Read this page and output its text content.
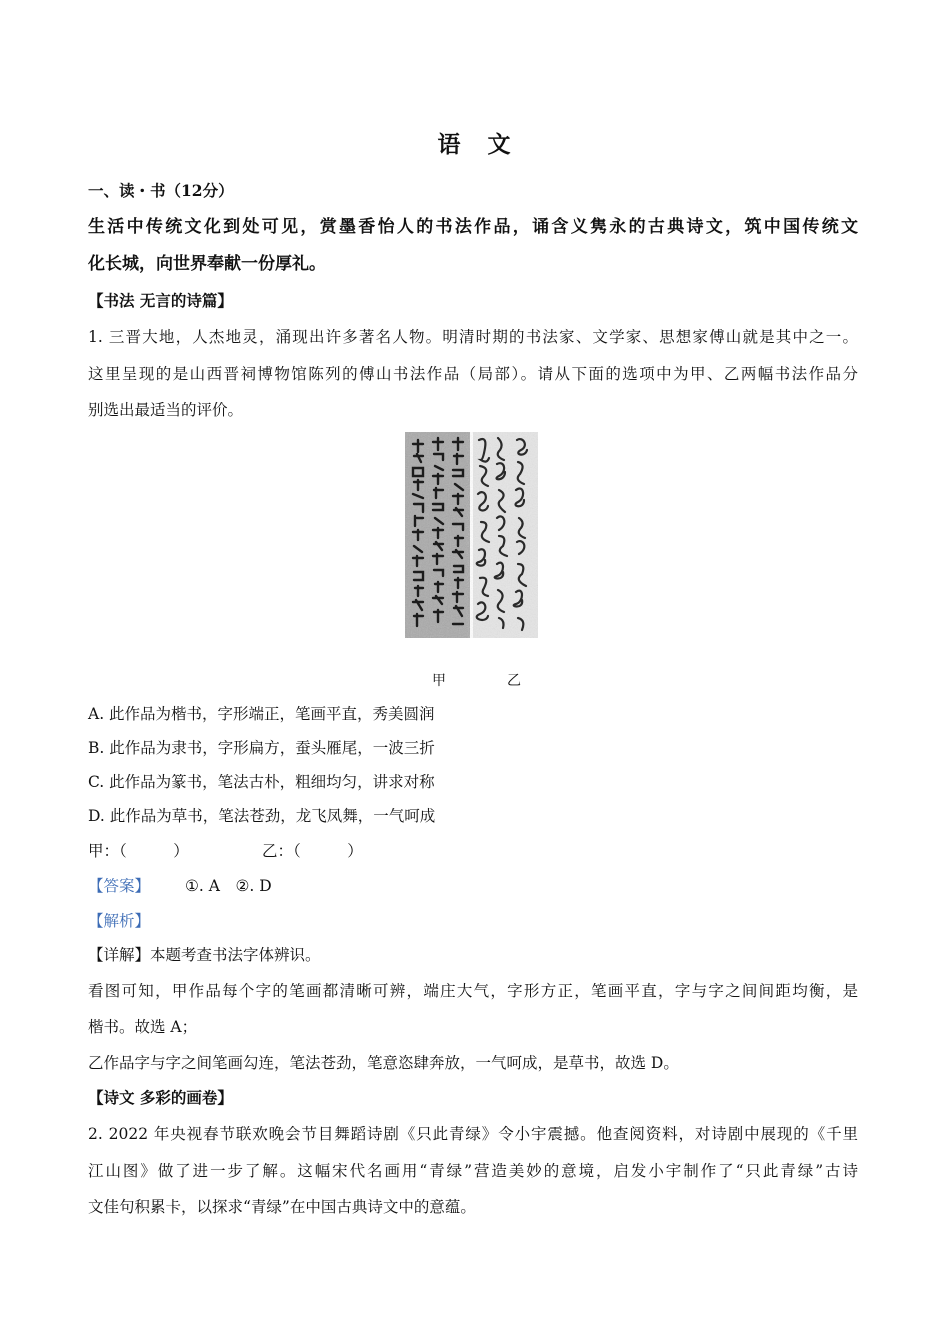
语　文
一、读・书（12分）
生活中传统文化到处可见，赏墨香怡人的书法作品，诵含义隽永的古典诗文，筑中国传统文
化长城，向世界奉献一份厚礼。
【书法 无言的诗篇】
1. 三晋大地，人杰地灵，涌现出许多著名人物。明清时期的书法家、文学家、思想家傅山就是其中之一。
这里呈现的是山西晋祠博物馆陈列的傅山书法作品（局部）。请从下面的选项中为甲、乙两幅书法作品分
别选出最适当的评价。
甲	乙
A. 此作品为楷书，字形端正，笔画平直，秀美圆润
B. 此作品为隶书，字形扁方，蚕头雁尾，一波三折
C. 此作品为篆书，笔法古朴，粗细均匀，讲求对称
D. 此作品为草书，笔法苍劲，龙飞凤舞，一气呵成
甲：（　　　）	乙：（　　　）
【答案】	①. A　②. D
【解析】
【详解】本题考查书法字体辨识。
看图可知，甲作品每个字的笔画都清晰可辨，端庄大气，字形方正，笔画平直，字与字之间间距均衡，是
楷书。故选 A；
乙作品字与字之间笔画勾连，笔法苍劲，笔意恣肆奔放，一气呵成，是草书，故选 D。
【诗文 多彩的画卷】
2. 2022 年央视春节联欢晚会节目舞蹈诗剧《只此青绿》令小宇震撼。他查阅资料，对诗剧中展现的《千里
江山图》做了进一步了解。这幅宋代名画用“青绿”营造美妙的意境，启发小宇制作了“只此青绿”古诗
文佳句积累卡，以探求“青绿”在中国古典诗文中的意蕴。
